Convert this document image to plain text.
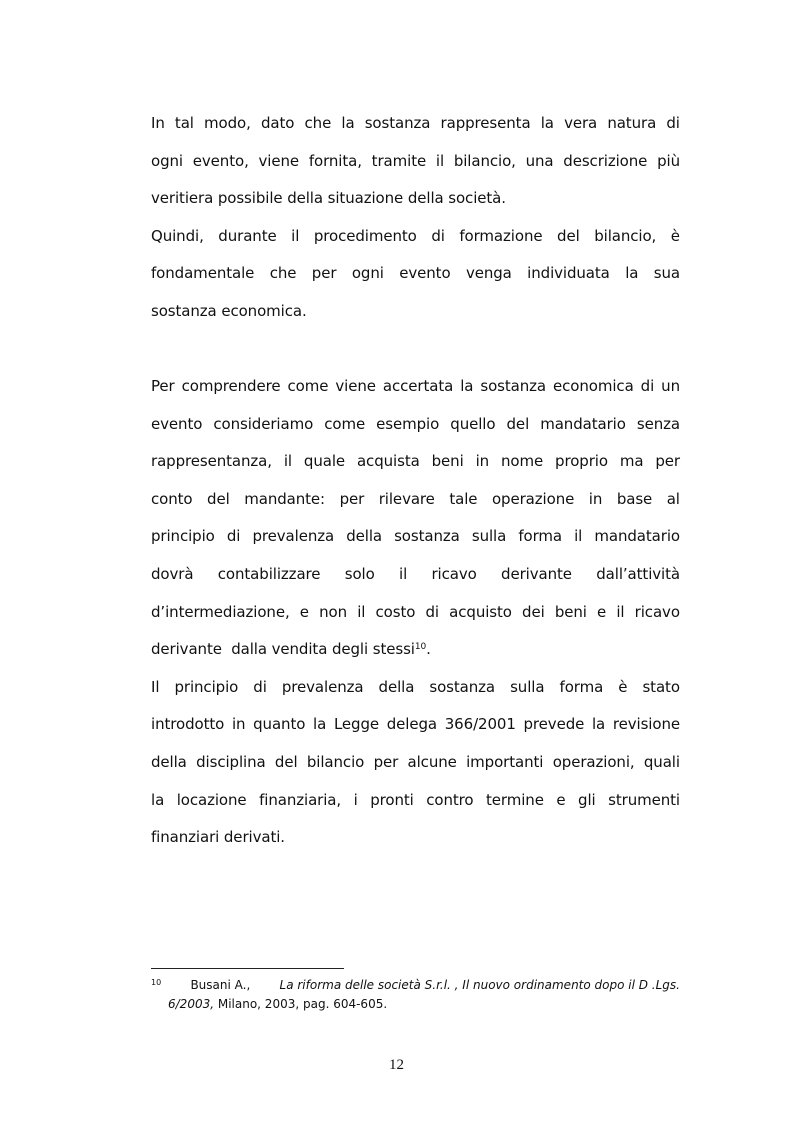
In tal modo, dato che la sostanza rappresenta la vera natura di
ogni evento, viene fornita, tramite il bilancio, una descrizione più
veritiera possibile della situazione della società.
Quindi, durante il procedimento di formazione del bilancio, è
fondamentale che per ogni evento venga individuata la sua
sostanza economica.
Per comprendere come viene accertata la sostanza economica di un
evento consideriamo come esempio quello del mandatario senza
rappresentanza, il quale acquista beni in nome proprio ma per
conto del mandante: per rilevare tale operazione in base al
principio di prevalenza della sostanza sulla forma il mandatario
dovrà contabilizzare solo il ricavo derivante dall’attività
d’intermediazione, e non il costo di acquisto dei beni e il ricavo
derivante  dalla vendita degli stessi$^{10}$.
Il principio di prevalenza della sostanza sulla forma è stato
introdotto in quanto la Legge delega 366/2001 prevede la revisione
della disciplina del bilancio per alcune importanti operazioni, quali
la locazione finanziaria, i pronti contro termine e gli strumenti
finanziari derivati.
$^{10}$ Busani A., La riforma delle società S.r.l. , Il nuovo ordinamento dopo il D .Lgs.
6/2003, Milano, 2003, pag. 604-605.
12
